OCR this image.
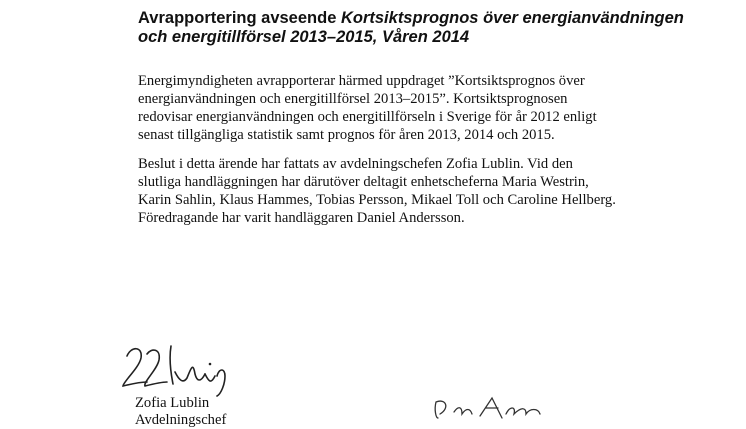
Avrapportering avseende Kortsiktsprognos över energianvändningen och energitillförsel 2013–2015, Våren 2014

Energimyndigheten avrapporterar härmed uppdraget ”Kortsiktsprognos över
energianvändningen och energitillförsel 2013–2015”. Kortsiktsprognosen
redovisar energianvändningen och energitillförseln i Sverige för år 2012 enligt
senast tillgängliga statistik samt prognos för åren 2013, 2014 och 2015.

Beslut i detta ärende har fattats av avdelningschefen Zofia Lublin. Vid den
slutliga handläggningen har därutöver deltagit enhetscheferna Maria Westrin,
Karin Sahlin, Klaus Hammes, Tobias Persson, Mikael Toll och Caroline Hellberg.
Föredragande har varit handläggaren Daniel Andersson.

Zofia Lublin
Avdelningschef
